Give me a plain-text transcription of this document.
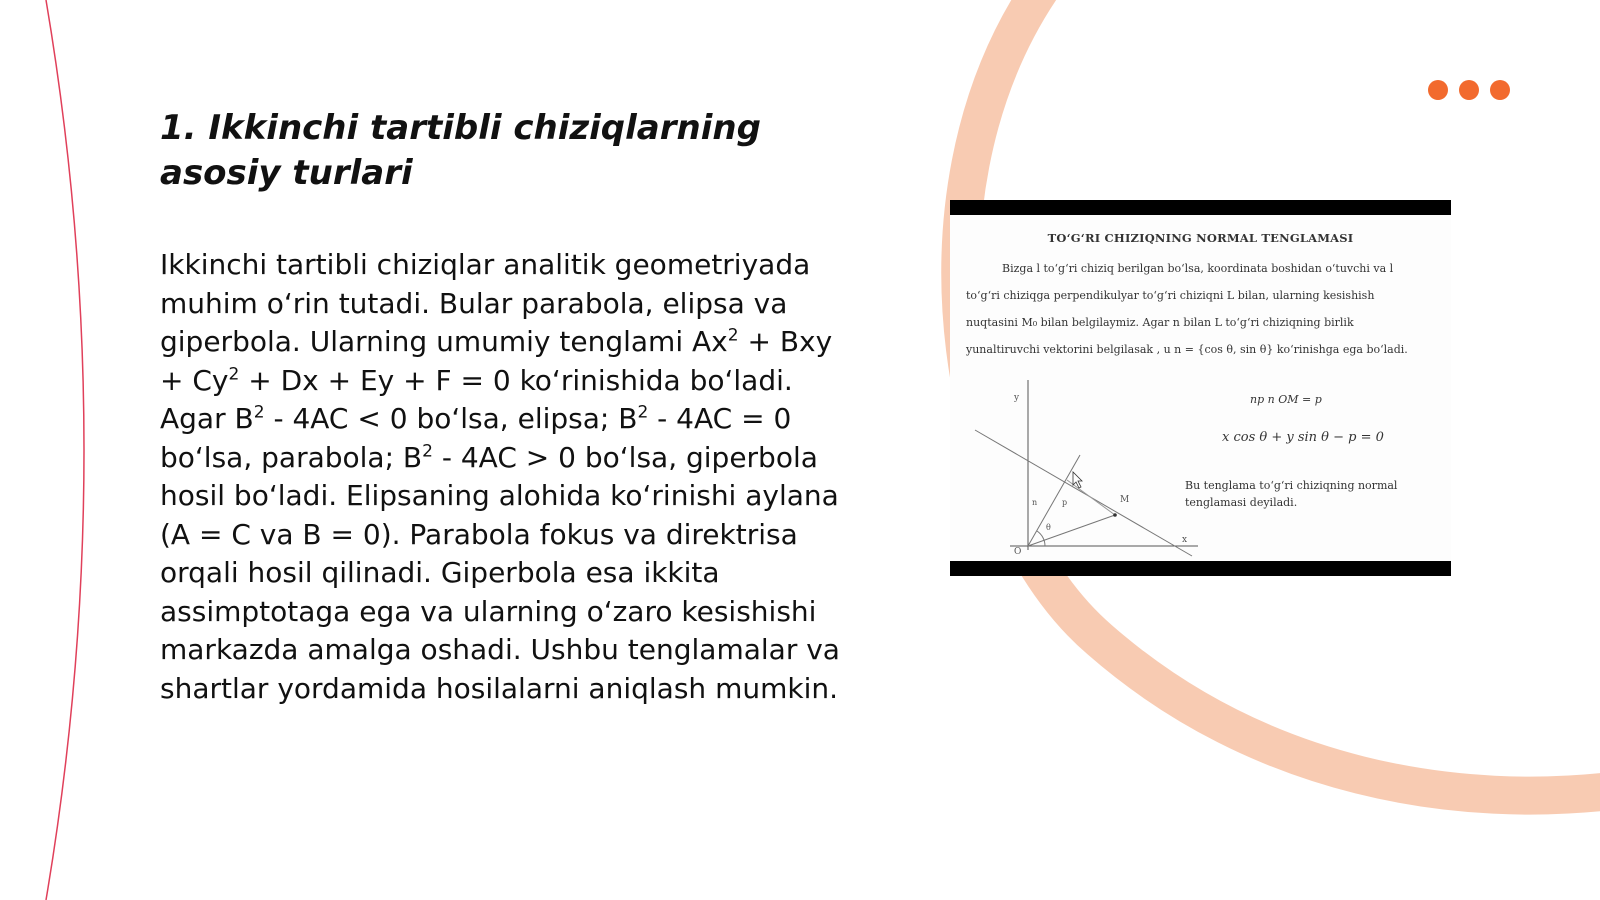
1. Ikkinchi tartibli chiziqlarning asosiy turlari

Ikkinchi tartibli chiziqlar analitik geometriyada muhim o‘rin tutadi. Bular parabola, elipsa va giperbola. Ularning umumiy tenglami $Ax^2$ + Bxy + $Cy^2 + Dx + Ey + F = 0$ ko‘rinishida bo‘ladi. Agar $B^2 - 4AC < 0$ bo‘lsa, elipsa; $B^2 - 4AC = 0$ bo‘lsa, parabola; $B^2 - 4AC > 0$ bo‘lsa, giperbola hosil bo‘ladi. Elipsaning alohida ko‘rinishi aylana (A = C va B = 0). Parabola fokus va direktrisa orqali hosil qilinadi. Giperbola esa ikkita assimptotaga ega va ularning o‘zaro kesishishi markazda amalga oshadi. Ushbu tenglamalar va shartlar yordamida hosilalarni aniqlash mumkin.

TO‘G‘RI CHIZIQNING NORMAL TENGLAMASI
Bizga l to‘g‘ri chiziq berilgan bo‘lsa, koordinata boshidan o‘tuvchi va l
to‘g‘ri chiziqga perpendikulyar to‘g‘ri chiziqni L bilan, ularning kesishish
nuqtasini M₀ bilan belgilaymiz. Agar n bilan L to‘g‘ri chiziqning birlik
yunaltiruvchi vektorini belgilasak , u n = {cos θ, sin θ} ko‘rinishga ega bo‘ladi.
y
x
O
M
n	p
θ
np n OM = p
x cos θ + y sin θ − p = 0
Bu tenglama to‘g‘ri chiziqning normal tenglamasi deyiladi.
